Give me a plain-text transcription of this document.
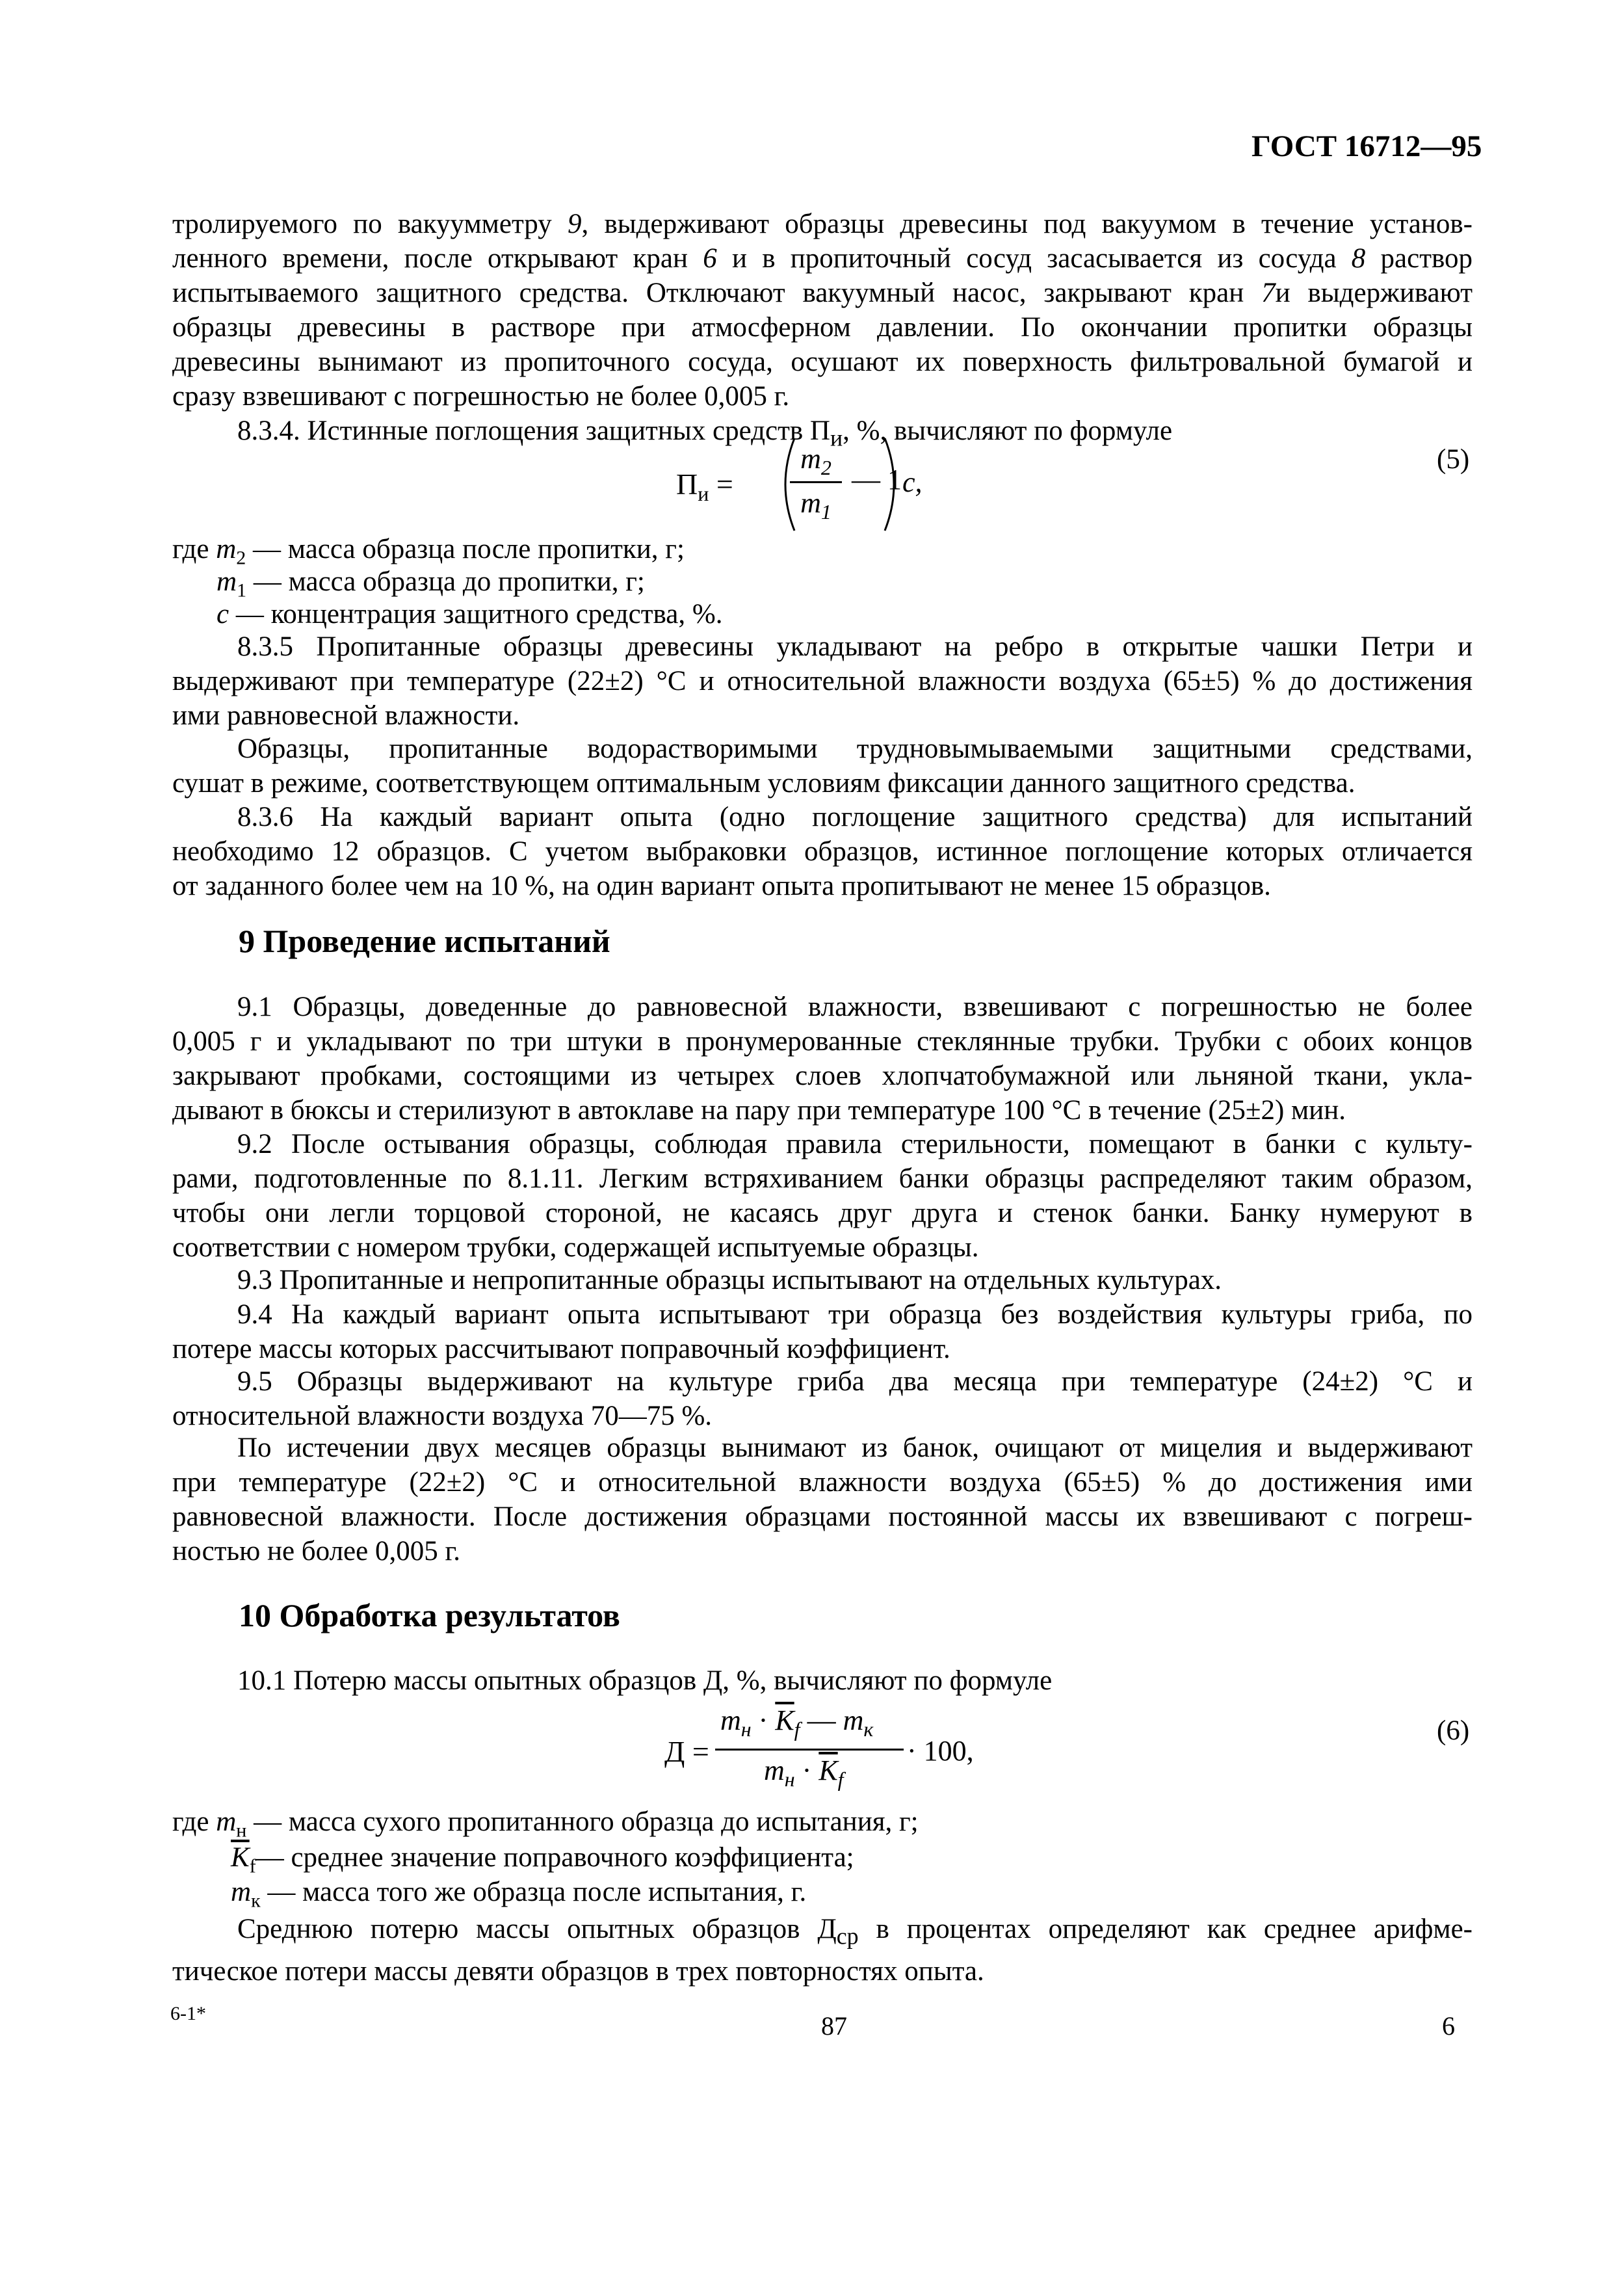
ГОСТ 16712—95
тролируемого по вакуумметру 9, выдерживают образцы древесины под вакуумом в течение установ-
ленного времени, после открывают кран 6 и в пропиточный сосуд засасывается из сосуда 8 раствор
испытываемого защитного средства. Отключают вакуумный насос, закрывают кран 7и выдерживают
образцы древесины в растворе при атмосферном давлении. По окончании пропитки образцы
древесины вынимают из пропиточного сосуда, осушают их поверхность фильтровальной бумагой и
сразу взвешивают с погрешностью не более 0,005 г.
8.3.4. Истинные поглощения защитных средств $П_и$, %, вычисляют по формуле
$П_и$ =
$m_2$
$m_1$
— 1 c,
(5)
где $m_2$ — масса образца после пропитки, г;
$m_1$ — масса образца до пропитки, г;
c — концентрация защитного средства, %.
8.3.5 Пропитанные образцы древесины укладывают на ребро в открытые чашки Петри и
выдерживают при температуре (22±2) °С и относительной влажности воздуха (65±5) % до достижения
ими равновесной влажности.
Образцы, пропитанные водорастворимыми трудновымываемыми защитными средствами,
сушат в режиме, соответствующем оптимальным условиям фиксации данного защитного средства.
8.3.6 На каждый вариант опыта (одно поглощение защитного средства) для испытаний
необходимо 12 образцов. С учетом выбраковки образцов, истинное поглощение которых отличается
от заданного более чем на 10 %, на один вариант опыта пропитывают не менее 15 образцов.
9 Проведение испытаний
9.1 Образцы, доведенные до равновесной влажности, взвешивают с погрешностью не более
0,005 г и укладывают по три штуки в пронумерованные стеклянные трубки. Трубки с обоих концов
закрывают пробками, состоящими из четырех слоев хлопчатобумажной или льняной ткани, укла-
дывают в бюксы и стерилизуют в автоклаве на пару при температуре 100 °С в течение (25±2) мин.
9.2 После остывания образцы, соблюдая правила стерильности, помещают в банки с культу-
рами, подготовленные по 8.1.11. Легким встряхиванием банки образцы распределяют таким образом,
чтобы они легли торцовой стороной, не касаясь друг друга и стенок банки. Банку нумеруют в
соответствии с номером трубки, содержащей испытуемые образцы.
9.3 Пропитанные и непропитанные образцы испытывают на отдельных культурах.
9.4 На каждый вариант опыта испытывают три образца без воздействия культуры гриба, по
потере массы которых рассчитывают поправочный коэффициент.
9.5 Образцы выдерживают на культуре гриба два месяца при температуре (24±2) °С и
относительной влажности воздуха 70—75 %.
По истечении двух месяцев образцы вынимают из банок, очищают от мицелия и выдерживают
при температуре (22±2) °С и относительной влажности воздуха (65±5) % до достижения ими
равновесной влажности. После достижения образцами постоянной массы их взвешивают с погреш-
ностью не более 0,005 г.
10 Обработка результатов
10.1 Потерю массы опытных образцов Д, %, вычисляют по формуле
Д =
$m_н \cdot \overline{K}_f$ — $m_к$
$m_н \cdot \overline{K}_f$
· 100,
(6)
где $m_н$ — масса сухого пропитанного образца до испытания, г;
$\overline{K}_f—$ среднее значение поправочного коэффициента;
$m_к$ — масса того же образца после испытания, г.
Среднюю потерю массы опытных образцов $Д_{ср}$ в процентах определяют как среднее арифме-
тическое потери массы девяти образцов в трех повторностях опыта.
6-1*	87	6
